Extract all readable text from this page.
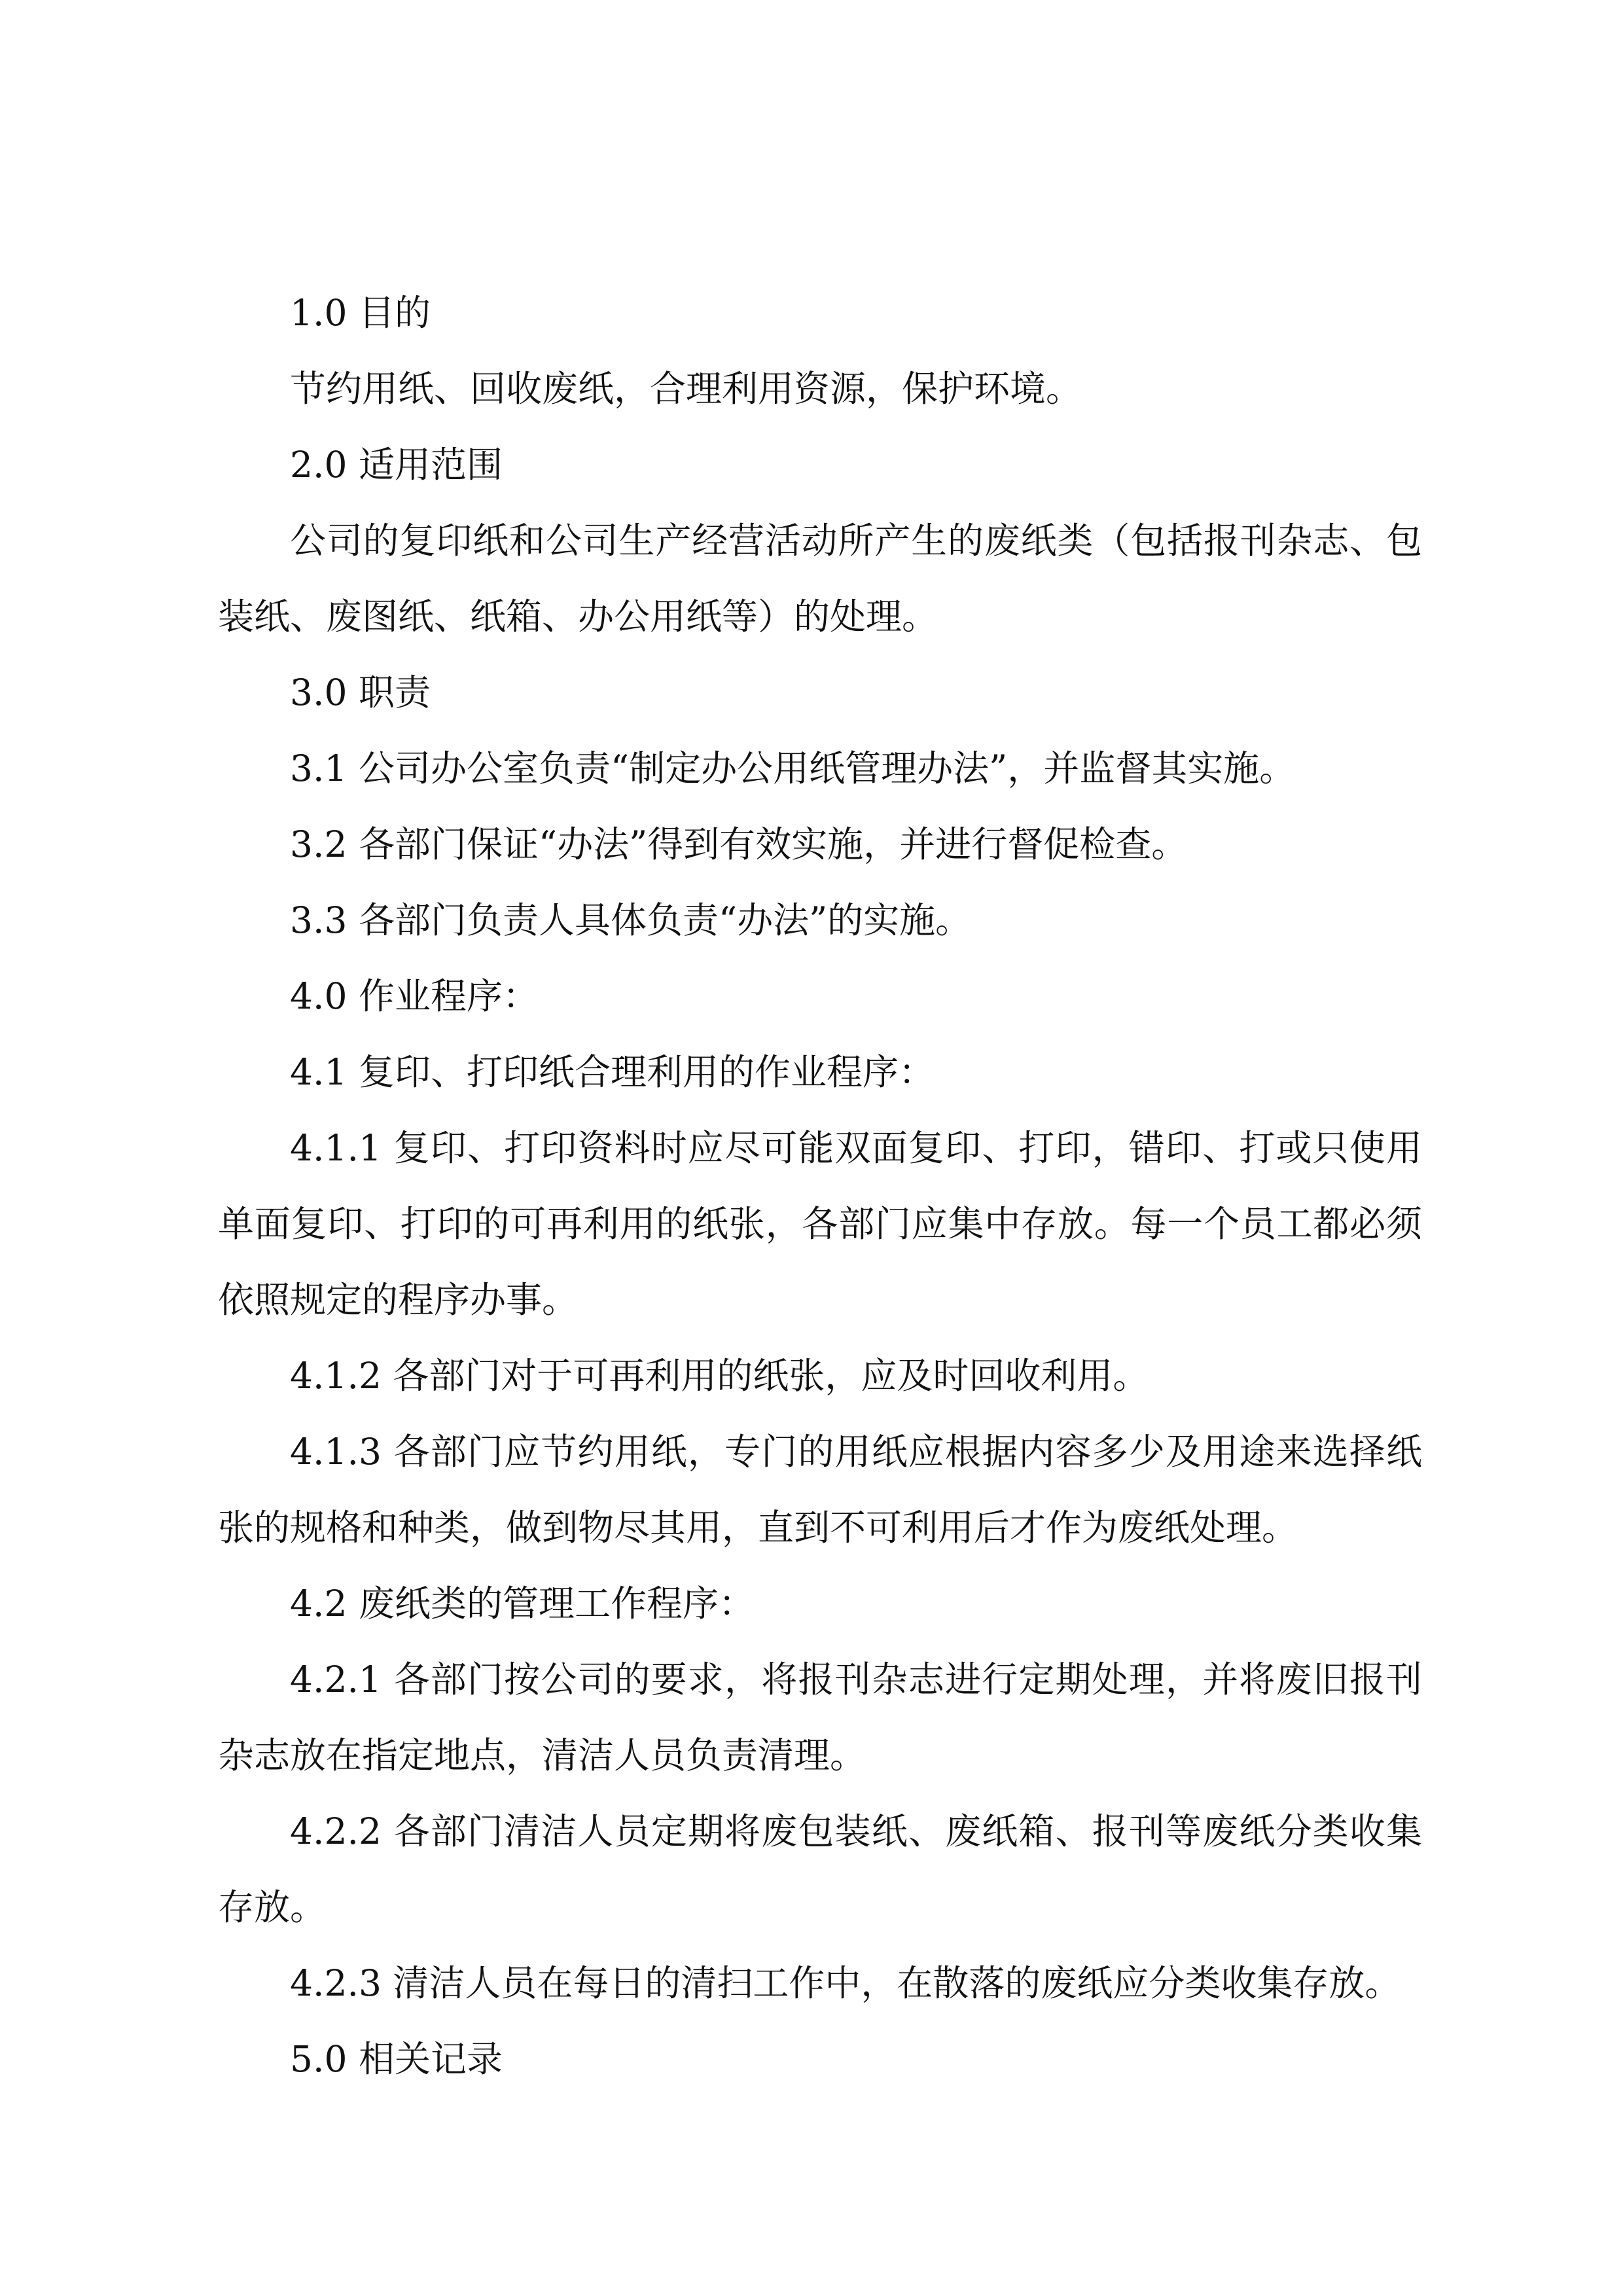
1.0 目的

节约用纸、回收废纸，合理利用资源，保护环境。

2.0 适用范围

公司的复印纸和公司生产经营活动所产生的废纸类（包括报刊杂志、包装纸、废图纸、纸箱、办公用纸等）的处理。

3.0 职责

3.1 公司办公室负责“制定办公用纸管理办法”，并监督其实施。

3.2 各部门保证“办法”得到有效实施，并进行督促检查。

3.3 各部门负责人具体负责“办法”的实施。

4.0 作业程序：

4.1 复印、打印纸合理利用的作业程序：

4.1.1 复印、打印资料时应尽可能双面复印、打印，错印、打或只使用单面复印、打印的可再利用的纸张，各部门应集中存放。每一个员工都必须依照规定的程序办事。

4.1.2 各部门对于可再利用的纸张，应及时回收利用。

4.1.3 各部门应节约用纸，专门的用纸应根据内容多少及用途来选择纸张的规格和种类，做到物尽其用，直到不可利用后才作为废纸处理。

4.2 废纸类的管理工作程序：

4.2.1 各部门按公司的要求，将报刊杂志进行定期处理，并将废旧报刊杂志放在指定地点，清洁人员负责清理。

4.2.2 各部门清洁人员定期将废包装纸、废纸箱、报刊等废纸分类收集存放。

4.2.3 清洁人员在每日的清扫工作中，在散落的废纸应分类收集存放。

5.0 相关记录
